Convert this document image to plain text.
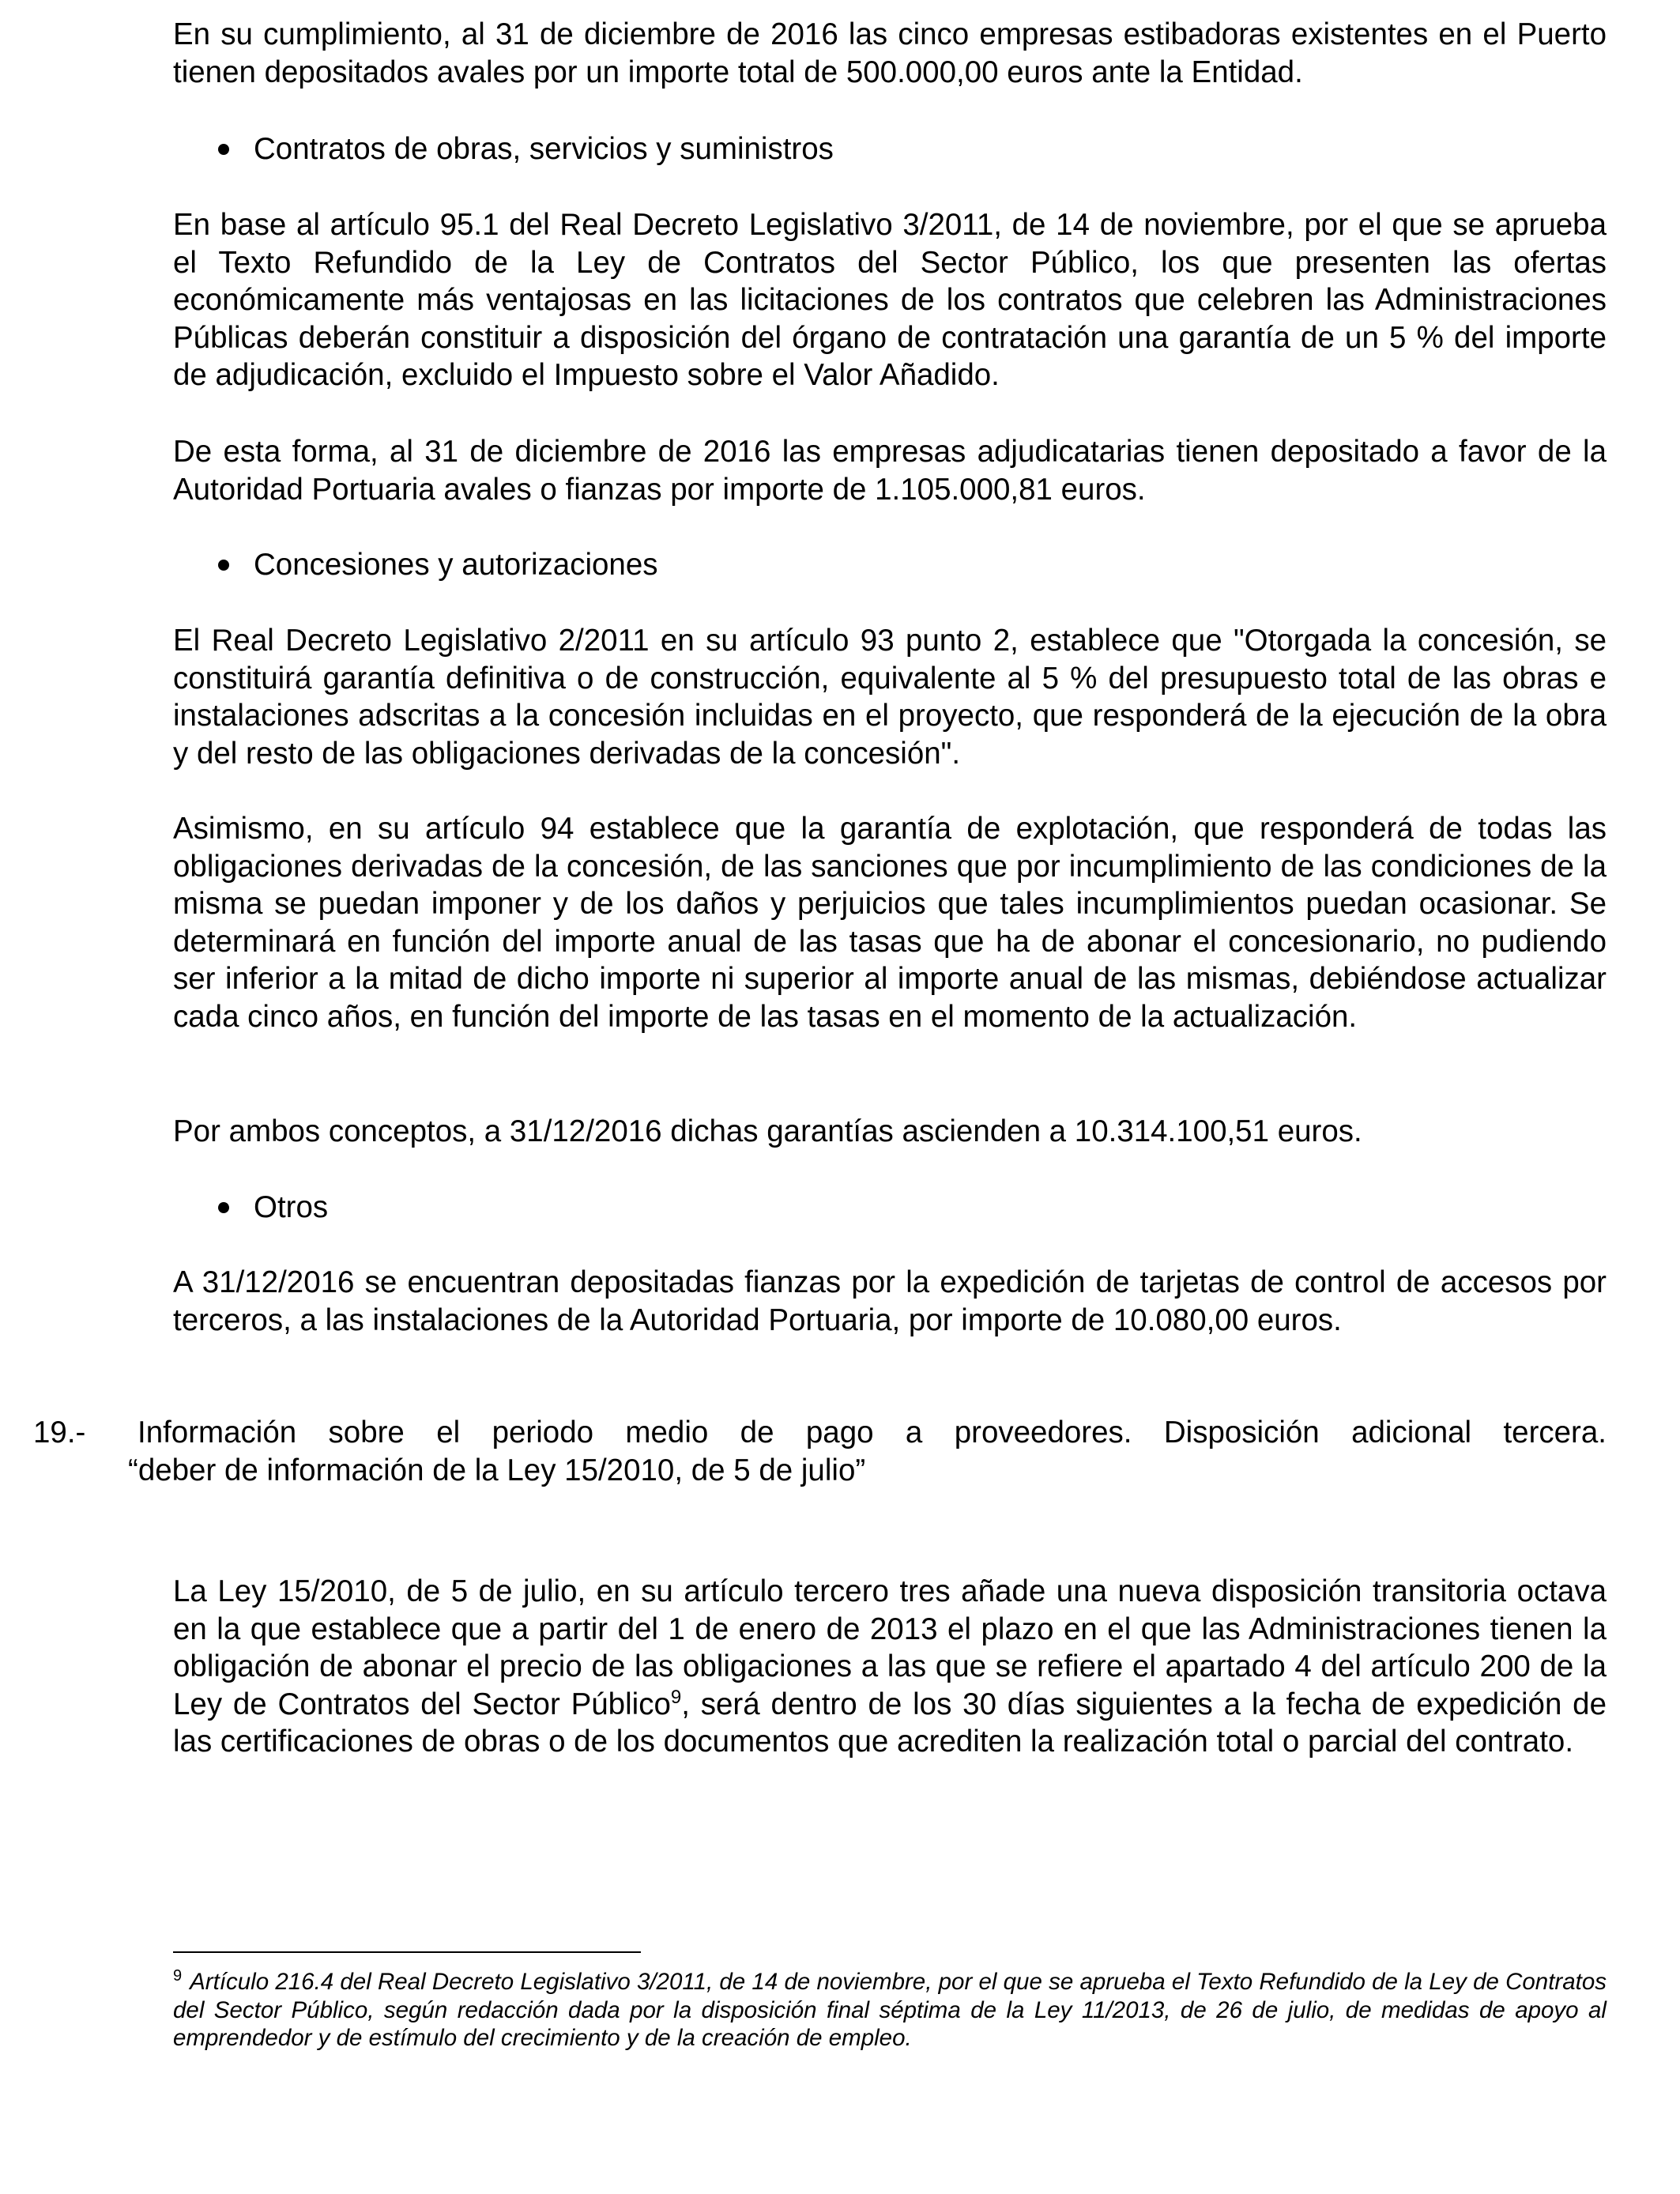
En su cumplimiento, al 31 de diciembre de 2016 las cinco empresas estibadoras existentes en el Puerto tienen depositados avales por un importe total de 500.000,00 euros ante la Entidad.

Contratos de obras, servicios y suministros

En base al artículo 95.1 del Real Decreto Legislativo 3/2011, de 14 de noviembre, por el que se aprueba el Texto Refundido de la Ley de Contratos del Sector Público, los que presenten las ofertas económicamente más ventajosas en las licitaciones de los contratos que celebren las Administraciones Públicas deberán constituir a disposición del órgano de contratación una garantía de un 5 % del importe de adjudicación, excluido el Impuesto sobre el Valor Añadido.

De esta forma, al 31 de diciembre de 2016 las empresas adjudicatarias tienen depositado a favor de la Autoridad Portuaria avales o fianzas por importe de 1.105.000,81 euros.

Concesiones y autorizaciones

El Real Decreto Legislativo 2/2011 en su artículo 93 punto 2, establece que "Otorgada la concesión, se constituirá garantía definitiva o de construcción, equivalente al 5 % del presupuesto total de las obras e instalaciones adscritas a la concesión incluidas en el proyecto, que responderá de la ejecución de la obra y del resto de las obligaciones derivadas de la concesión".

Asimismo, en su artículo 94 establece que la garantía de explotación, que responderá de todas las obligaciones derivadas de la concesión, de las sanciones que por incumplimiento de las condiciones de la misma se puedan imponer y de los daños y perjuicios que tales incumplimientos puedan ocasionar. Se determinará en función del importe anual de las tasas que ha de abonar el concesionario, no pudiendo ser inferior a la mitad de dicho importe ni superior al importe anual de las mismas, debiéndose actualizar cada cinco años, en función del importe de las tasas en el momento de la actualización.

Por ambos conceptos, a 31/12/2016 dichas garantías ascienden a 10.314.100,51 euros.

Otros

A 31/12/2016 se encuentran depositadas fianzas por la expedición de tarjetas de control de accesos por terceros, a las instalaciones de la Autoridad Portuaria, por importe de 10.080,00 euros.

19.- Información sobre el periodo medio de pago a proveedores. Disposición adicional tercera.
“deber de información de la Ley 15/2010, de 5 de julio”

La Ley 15/2010, de 5 de julio, en su artículo tercero tres añade una nueva disposición transitoria octava en la que establece que a partir del 1 de enero de 2013 el plazo en el que las Administraciones tienen la obligación de abonar el precio de las obligaciones a las que se refiere el apartado 4 del artículo 200 de la Ley de Contratos del Sector Público$^9$, será dentro de los 30 días siguientes a la fecha de expedición de las certificaciones de obras o de los documentos que acrediten la realización total o parcial del contrato.

$^9$ Artículo 216.4 del Real Decreto Legislativo 3/2011, de 14 de noviembre, por el que se aprueba el Texto Refundido de la Ley de Contratos del Sector Público, según redacción dada por la disposición final séptima de la Ley 11/2013, de 26 de julio, de medidas de apoyo al emprendedor y de estímulo del crecimiento y de la creación de empleo.
